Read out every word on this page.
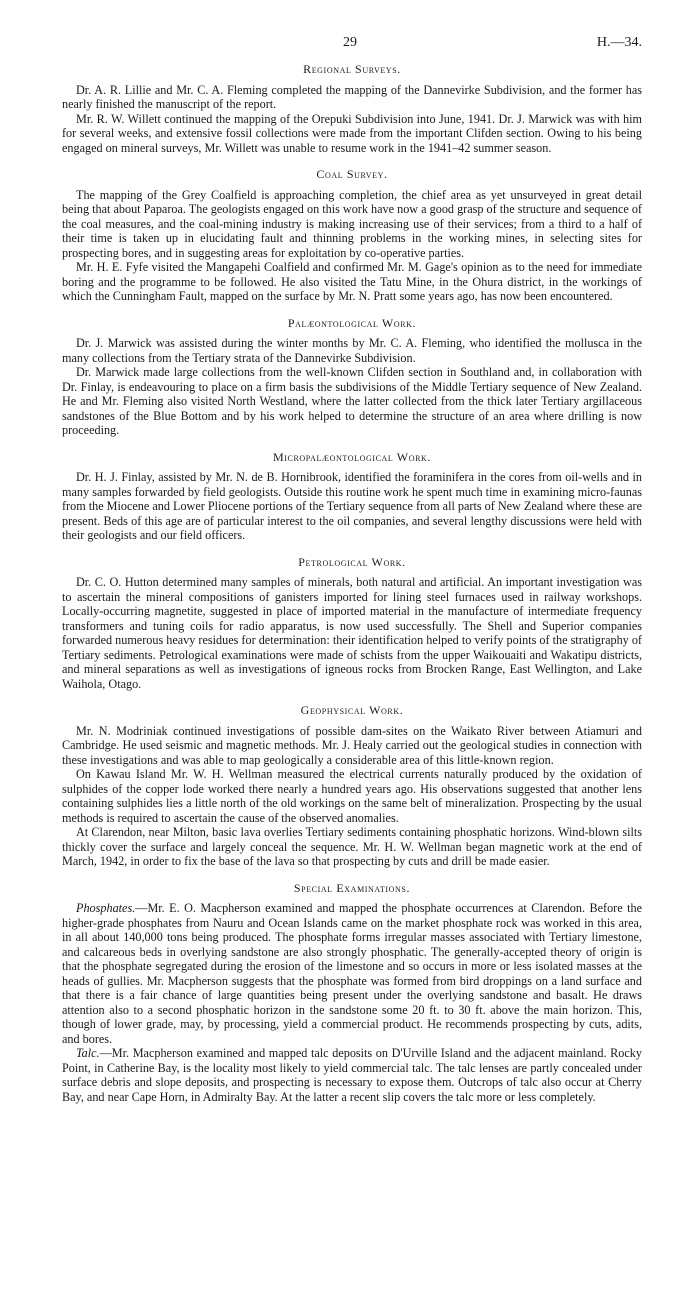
29	H.—34.
Regional Surveys.

Dr. A. R. Lillie and Mr. C. A. Fleming completed the mapping of the Dannevirke Subdivision, and the former has nearly finished the manuscript of the report.

Mr. R. W. Willett continued the mapping of the Orepuki Subdivision into June, 1941. Dr. J. Marwick was with him for several weeks, and extensive fossil collections were made from the important Clifden section. Owing to his being engaged on mineral surveys, Mr. Willett was unable to resume work in the 1941–42 summer season.

Coal Survey.

The mapping of the Grey Coalfield is approaching completion, the chief area as yet unsurveyed in great detail being that about Paparoa. The geologists engaged on this work have now a good grasp of the structure and sequence of the coal measures, and the coal-mining industry is making increasing use of their services; from a third to a half of their time is taken up in elucidating fault and thinning problems in the working mines, in selecting sites for prospecting bores, and in suggesting areas for exploitation by co-operative parties.

Mr. H. E. Fyfe visited the Mangapehi Coalfield and confirmed Mr. M. Gage's opinion as to the need for immediate boring and the programme to be followed. He also visited the Tatu Mine, in the Ohura district, in the workings of which the Cunningham Fault, mapped on the surface by Mr. N. Pratt some years ago, has now been encountered.

Palæontological Work.

Dr. J. Marwick was assisted during the winter months by Mr. C. A. Fleming, who identified the mollusca in the many collections from the Tertiary strata of the Dannevirke Subdivision.

Dr. Marwick made large collections from the well-known Clifden section in Southland and, in collaboration with Dr. Finlay, is endeavouring to place on a firm basis the subdivisions of the Middle Tertiary sequence of New Zealand. He and Mr. Fleming also visited North Westland, where the latter collected from the thick later Tertiary argillaceous sandstones of the Blue Bottom and by his work helped to determine the structure of an area where drilling is now proceeding.

Micropalæontological Work.

Dr. H. J. Finlay, assisted by Mr. N. de B. Hornibrook, identified the foraminifera in the cores from oil-wells and in many samples forwarded by field geologists. Outside this routine work he spent much time in examining micro-faunas from the Miocene and Lower Pliocene portions of the Tertiary sequence from all parts of New Zealand where these are present. Beds of this age are of particular interest to the oil companies, and several lengthy discussions were held with their geologists and our field officers.

Petrological Work.

Dr. C. O. Hutton determined many samples of minerals, both natural and artificial. An important investigation was to ascertain the mineral compositions of ganisters imported for lining steel furnaces used in railway workshops. Locally-occurring magnetite, suggested in place of imported material in the manufacture of intermediate frequency transformers and tuning coils for radio apparatus, is now used successfully. The Shell and Superior companies forwarded numerous heavy residues for determination: their identification helped to verify points of the stratigraphy of Tertiary sediments. Petrological examinations were made of schists from the upper Waikouaiti and Wakatipu districts, and mineral separations as well as investigations of igneous rocks from Brocken Range, East Wellington, and Lake Waihola, Otago.

Geophysical Work.

Mr. N. Modriniak continued investigations of possible dam-sites on the Waikato River between Atiamuri and Cambridge. He used seismic and magnetic methods. Mr. J. Healy carried out the geological studies in connection with these investigations and was able to map geologically a considerable area of this little-known region.

On Kawau Island Mr. W. H. Wellman measured the electrical currents naturally produced by the oxidation of sulphides of the copper lode worked there nearly a hundred years ago. His observations suggested that another lens containing sulphides lies a little north of the old workings on the same belt of mineralization. Prospecting by the usual methods is required to ascertain the cause of the observed anomalies.

At Clarendon, near Milton, basic lava overlies Tertiary sediments containing phosphatic horizons. Wind-blown silts thickly cover the surface and largely conceal the sequence. Mr. H. W. Wellman began magnetic work at the end of March, 1942, in order to fix the base of the lava so that prospecting by cuts and drill be made easier.

Special Examinations.

Phosphates.—Mr. E. O. Macpherson examined and mapped the phosphate occurrences at Clarendon. Before the higher-grade phosphates from Nauru and Ocean Islands came on the market phosphate rock was worked in this area, in all about 140,000 tons being produced. The phosphate forms irregular masses associated with Tertiary limestone, and calcareous beds in overlying sandstone are also strongly phosphatic. The generally-accepted theory of origin is that the phosphate segregated during the erosion of the limestone and so occurs in more or less isolated masses at the heads of gullies. Mr. Macpherson suggests that the phosphate was formed from bird droppings on a land surface and that there is a fair chance of large quantities being present under the overlying sandstone and basalt. He draws attention also to a second phosphatic horizon in the sandstone some 20 ft. to 30 ft. above the main horizon. This, though of lower grade, may, by processing, yield a commercial product. He recommends prospecting by cuts, adits, and bores.

Talc.—Mr. Macpherson examined and mapped talc deposits on D'Urville Island and the adjacent mainland. Rocky Point, in Catherine Bay, is the locality most likely to yield commercial talc. The talc lenses are partly concealed under surface debris and slope deposits, and prospecting is necessary to expose them. Outcrops of talc also occur at Cherry Bay, and near Cape Horn, in Admiralty Bay. At the latter a recent slip covers the talc more or less completely.
